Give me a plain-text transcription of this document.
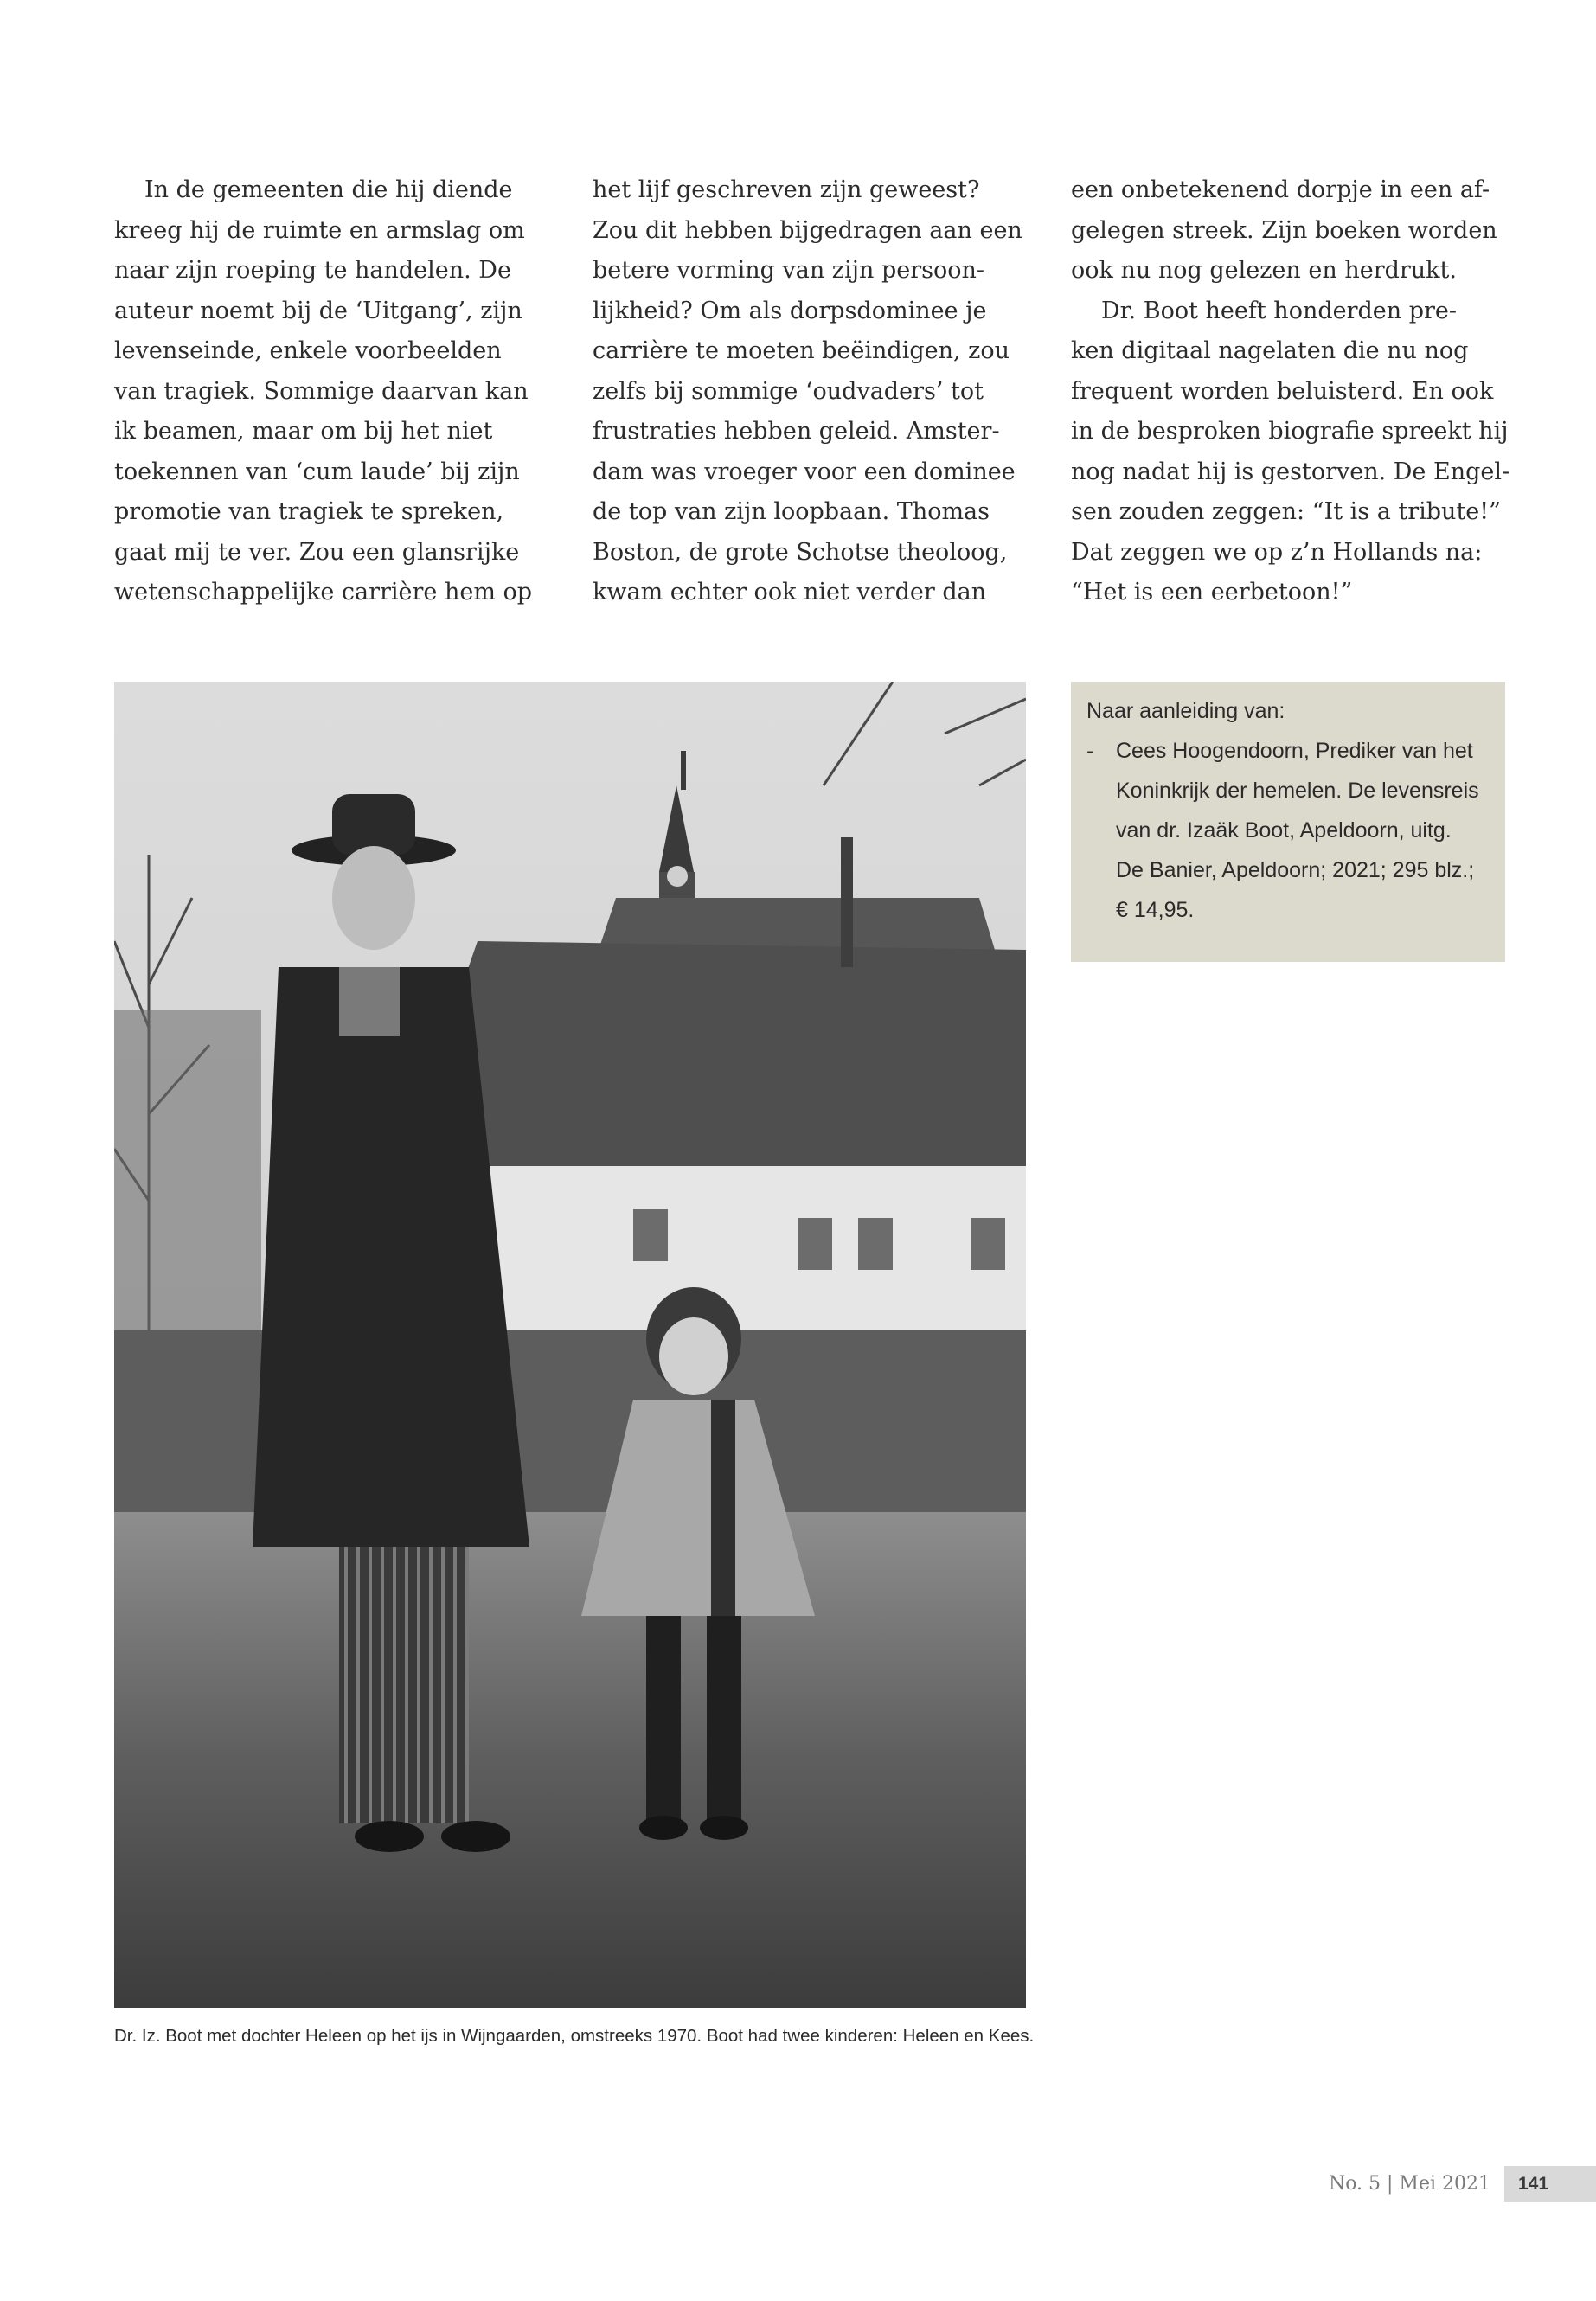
In de gemeenten die hij diende

kreeg hij de ruimte en armslag om

naar zijn roeping te handelen. De

auteur noemt bij de ‘Uitgang’, zijn

levenseinde, enkele voorbeelden

van tragiek. Sommige daarvan kan

ik beamen, maar om bij het niet

toekennen van ‘cum laude’ bij zijn

promotie van tragiek te spreken,

gaat mij te ver. Zou een glansrijke

wetenschappelijke carrière hem op

het lijf geschreven zijn geweest?

Zou dit hebben bijgedragen aan een

betere vorming van zijn persoon-

lijkheid? Om als dorpsdominee je

carrière te moeten beëindigen, zou

zelfs bij sommige ‘oudvaders’ tot

frustraties hebben geleid. Amster-

dam was vroeger voor een dominee

de top van zijn loopbaan. Thomas

Boston, de grote Schotse theoloog,

kwam echter ook niet verder dan

een onbetekenend dorpje in een af-

gelegen streek. Zijn boeken worden

ook nu nog gelezen en herdrukt.

Dr. Boot heeft honderden pre-

ken digitaal nagelaten die nu nog

frequent worden beluisterd. En ook

in de besproken biografie spreekt hij

nog nadat hij is gestorven. De Engel-

sen zouden zeggen: “It is a tribute!”

Dat zeggen we op z’n Hollands na:

“Het is een eerbetoon!”

Naar aanleiding van:
- Cees Hoogendoorn, Prediker van het
Koninkrijk der hemelen. De levensreis
van dr. Izaäk Boot, Apeldoorn, uitg.
De Banier, Apeldoorn; 2021; 295 blz.;
€ 14,95.
Dr. Iz. Boot met dochter Heleen op het ijs in Wijngaarden, omstreeks 1970. Boot had twee kinderen: Heleen en Kees.
No. 5 | Mei 2021	141
